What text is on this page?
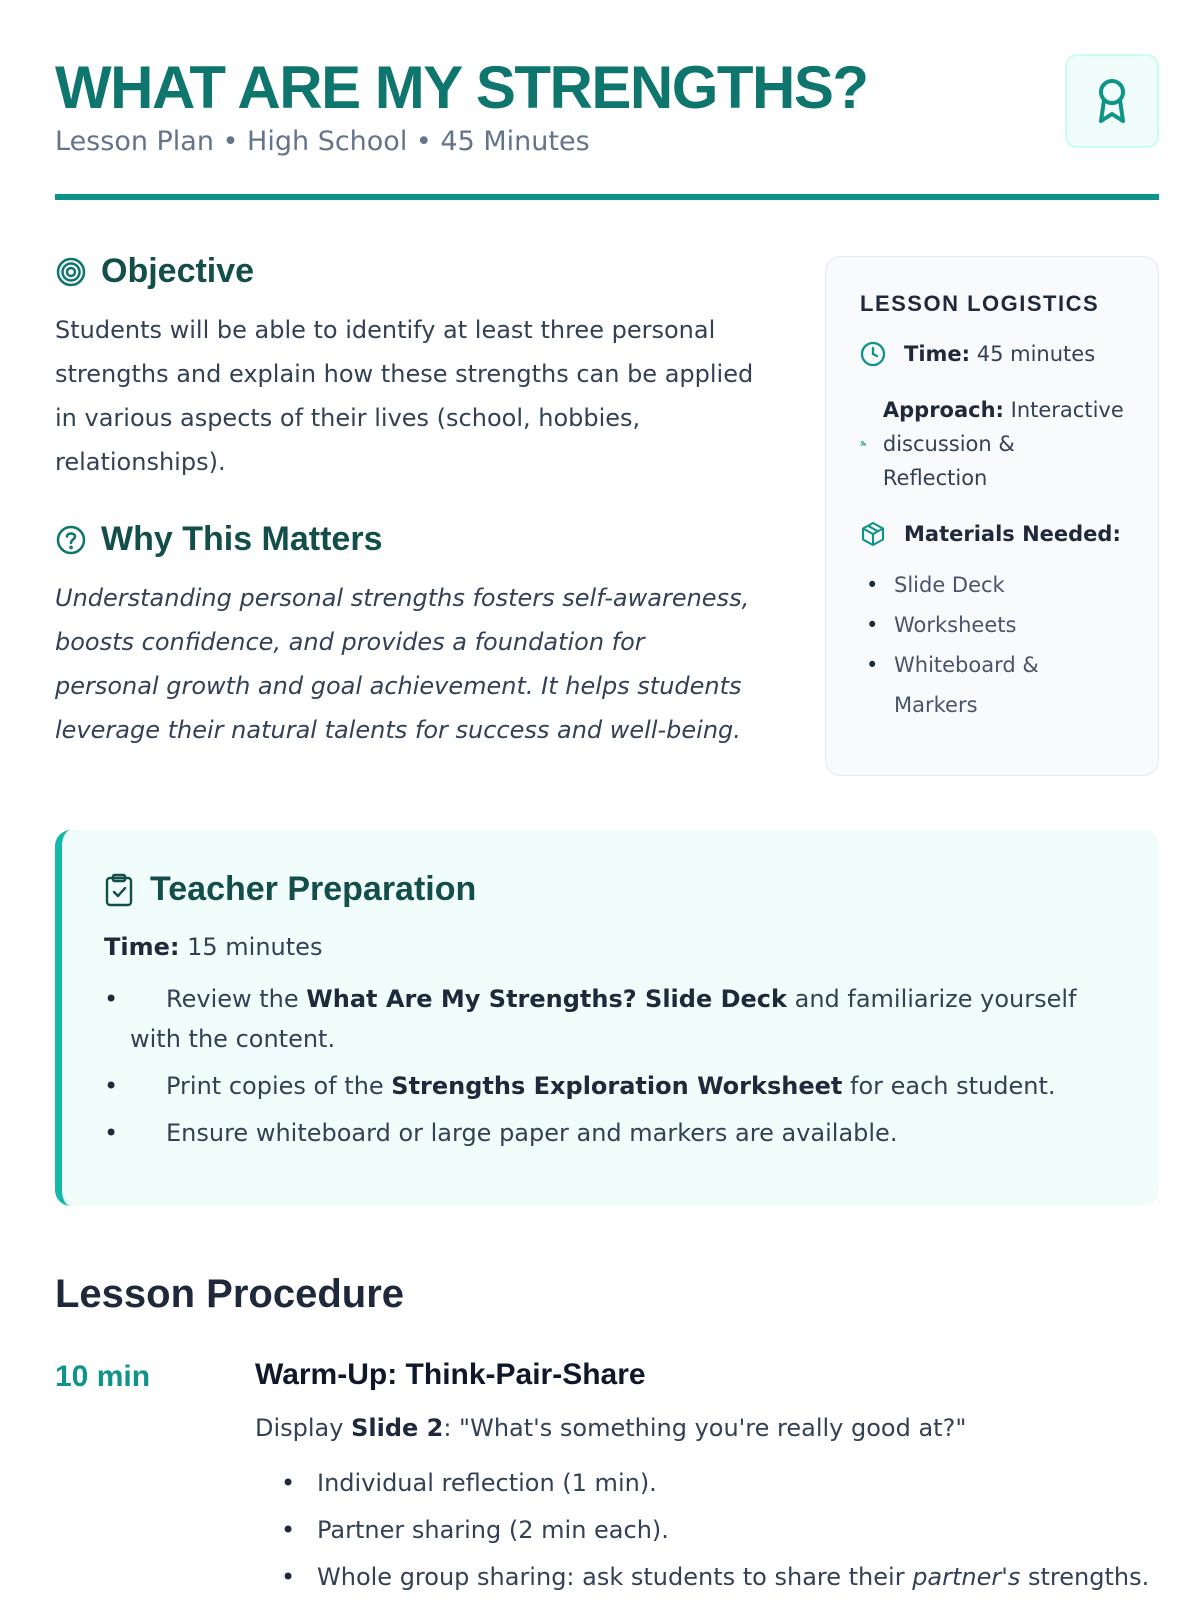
WHAT ARE MY STRENGTHS?
Lesson Plan • High School • 45 Minutes
Objective

Students will be able to identify at least three personal strengths and explain how these strengths can be applied in various aspects of their lives (school, hobbies, relationships).

Why This Matters

Understanding personal strengths fosters self-awareness, boosts confidence, and provides a foundation for personal growth and goal achievement. It helps students leverage their natural talents for success and well-being.

LESSON LOGISTICS
Time: 45 minutes
Approach: Interactive discussion & Reflection
Materials Needed:
• Slide Deck
• Worksheets
• Whiteboard & Markers
Teacher Preparation
Time: 15 minutes
• Review the What Are My Strengths? Slide Deck and familiarize yourself with the content.
• Print copies of the Strengths Exploration Worksheet for each student.
• Ensure whiteboard or large paper and markers are available.
Lesson Procedure
10 min	Warm-Up: Think-Pair-Share
Display Slide 2: "What's something you're really good at?"
• Individual reflection (1 min).
• Partner sharing (2 min each).
• Whole group sharing: ask students to share their partner's strengths.
